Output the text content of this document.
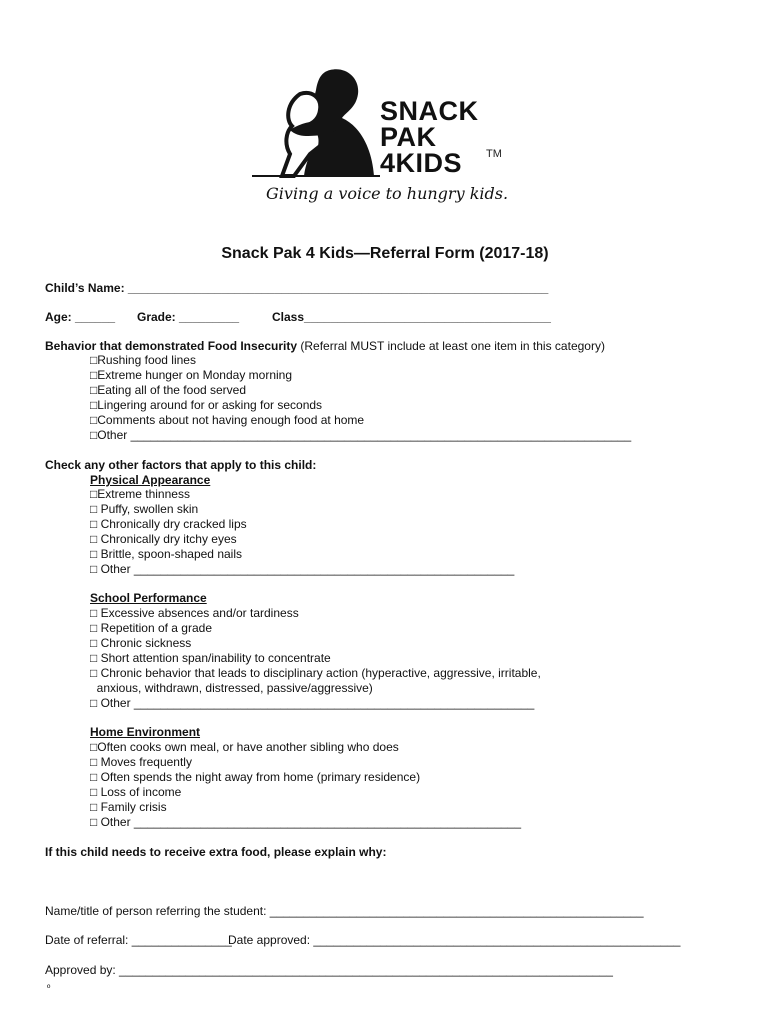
SNACK
PAK
4KIDS TM
Giving a voice to hungry kids.
Snack Pak 4 Kids—Referral Form (2017-18)
Child’s Name: _______________________________________________________________
Age: ______ Grade: _________	Class_____________________________________
Behavior that demonstrated Food Insecurity (Referral MUST include at least one item in this category)
□Rushing food lines
□Extreme hunger on Monday morning
□Eating all of the food served
□Lingering around for or asking for seconds
□Comments about not having enough food at home
□Other ___________________________________________________________________________
Check any other factors that apply to this child:
Physical Appearance
□Extreme thinness
□ Puffy, swollen skin
□ Chronically dry cracked lips
□ Chronically dry itchy eyes
□ Brittle, spoon-shaped nails
□ Other _________________________________________________________
School Performance
□ Excessive absences and/or tardiness
□ Repetition of a grade
□ Chronic sickness
□ Short attention span/inability to concentrate
□ Chronic behavior that leads to disciplinary action (hyperactive, aggressive, irritable,
anxious, withdrawn, distressed, passive/aggressive)
□ Other ____________________________________________________________
Home Environment
□Often cooks own meal, or have another sibling who does
□ Moves frequently
□ Often spends the night away from home (primary residence)
□ Loss of income
□ Family crisis
□ Other __________________________________________________________
If this child needs to receive extra food, please explain why:
Name/title of person referring the student: ________________________________________________________
Date of referral: _______________
Date approved: _______________________________________________________
Approved by: __________________________________________________________________________
º
